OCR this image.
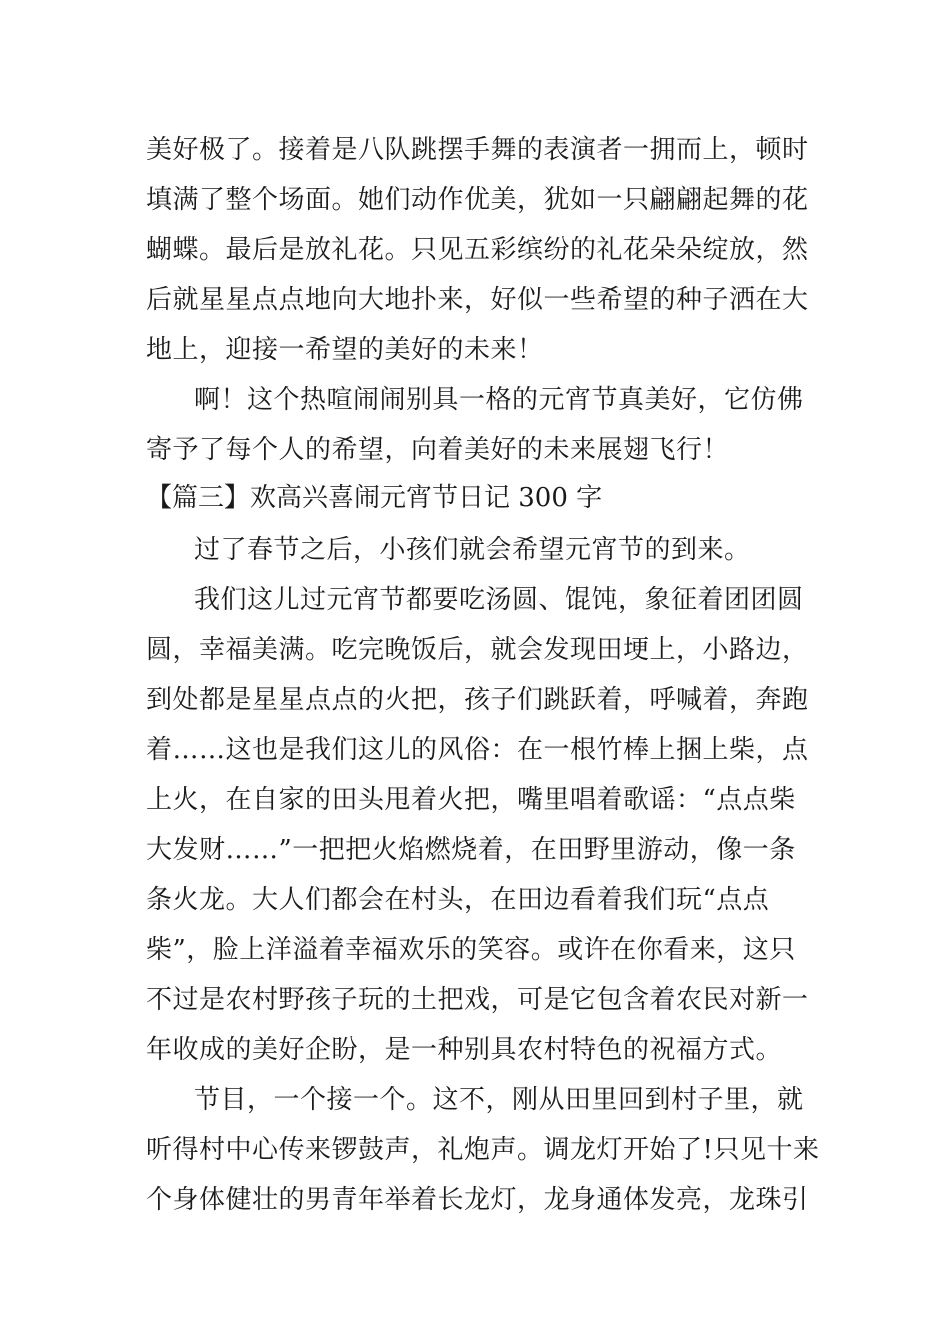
美好极了。接着是八队跳摆手舞的表演者一拥而上，顿时
填满了整个场面。她们动作优美，犹如一只翩翩起舞的花
蝴蝶。最后是放礼花。只见五彩缤纷的礼花朵朵绽放，然
后就星星点点地向大地扑来，好似一些希望的种子洒在大
地上，迎接一希望的美好的未来！
啊！这个热喧闹闹别具一格的元宵节真美好，它仿佛
寄予了每个人的希望，向着美好的未来展翅飞行！
【篇三】欢高兴喜闹元宵节日记 300 字
过了春节之后，小孩们就会希望元宵节的到来。
我们这儿过元宵节都要吃汤圆、馄饨，象征着团团圆
圆，幸福美满。吃完晚饭后，就会发现田埂上，小路边，
到处都是星星点点的火把，孩子们跳跃着，呼喊着，奔跑
着……这也是我们这儿的风俗：在一根竹棒上捆上柴，点
上火，在自家的田头甩着火把，嘴里唱着歌谣：“点点柴
大发财……”一把把火焰燃烧着，在田野里游动，像一条
条火龙。大人们都会在村头，在田边看着我们玩“点点
柴”，脸上洋溢着幸福欢乐的笑容。或许在你看来，这只
不过是农村野孩子玩的土把戏，可是它包含着农民对新一
年收成的美好企盼，是一种别具农村特色的祝福方式。
节目，一个接一个。这不，刚从田里回到村子里，就
听得村中心传来锣鼓声，礼炮声。调龙灯开始了!只见十来
个身体健壮的男青年举着长龙灯，龙身通体发亮，龙珠引
